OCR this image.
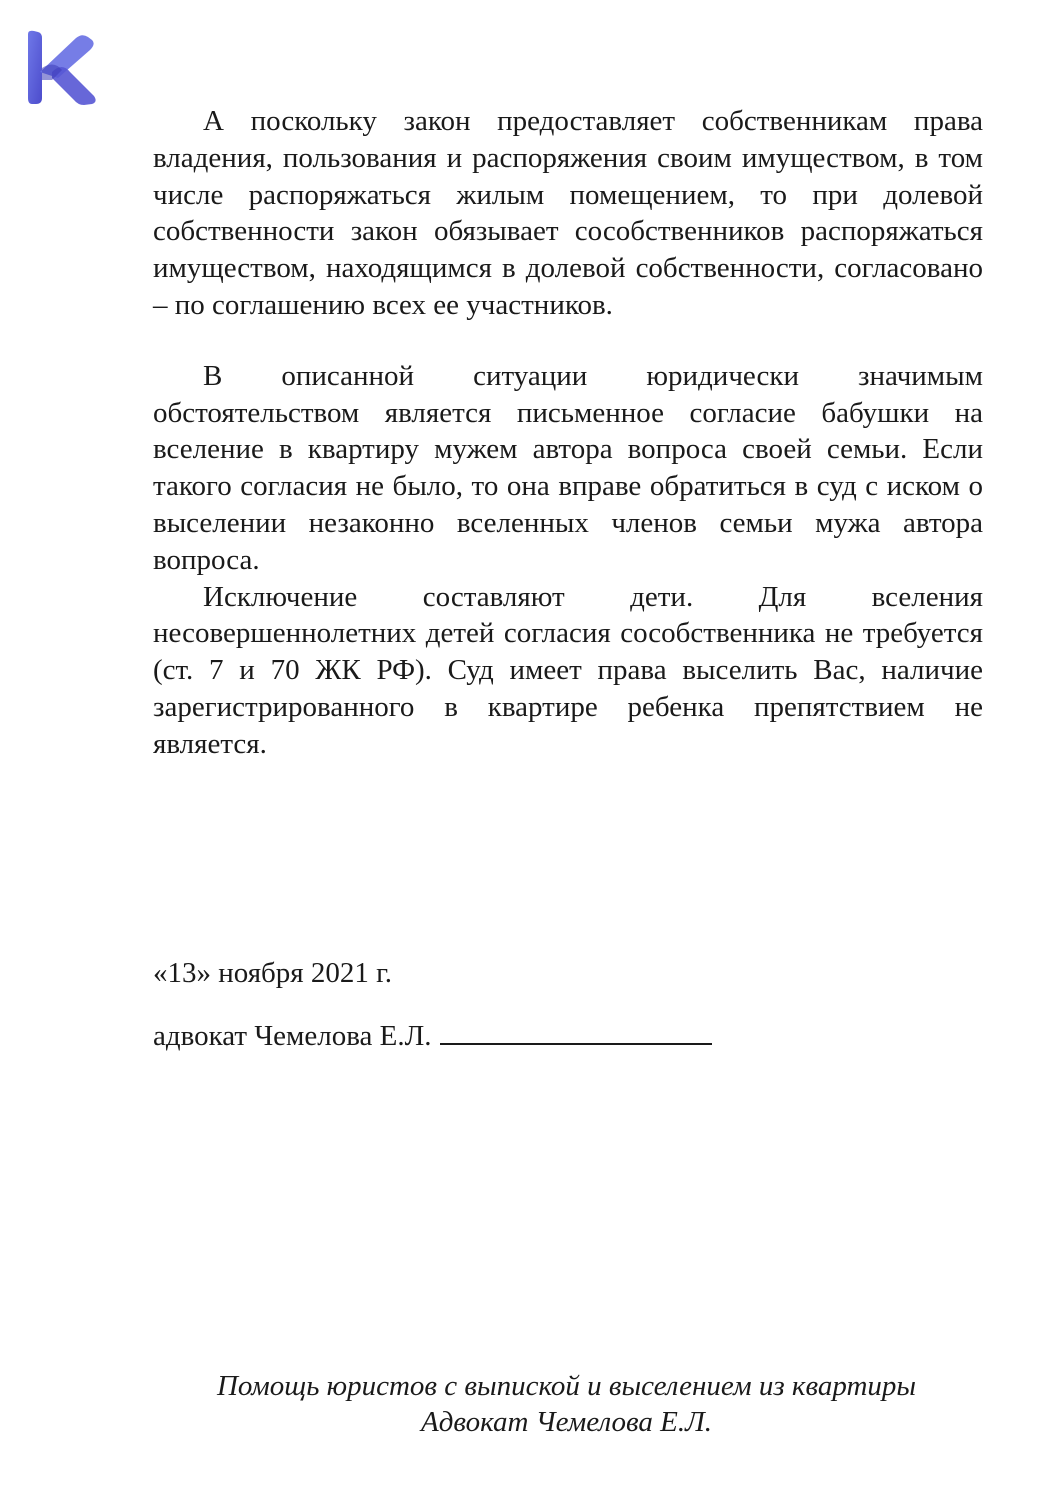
А поскольку закон предоставляет собственникам права владения, пользования и распоряжения своим имуществом, в том числе распоряжаться жилым помещением, то при долевой собственности закон обязывает сособственников распоряжаться имуществом, находящимся в долевой собственности, согласовано – по соглашению всех ее участников.

В описанной ситуации юридически значимым обстоятельством является письменное согласие бабушки на вселение в квартиру мужем автора вопроса своей семьи. Если такого согласия не было, то она вправе обратиться в суд с иском о выселении незаконно вселенных членов семьи мужа автора вопроса.

Исключение составляют дети. Для вселения несовершеннолетних детей согласия сособственника не требуется (ст. 7 и 70 ЖК РФ). Суд имеет права выселить Вас, наличие зарегистрированного в квартире ребенка препятствием не является.

«13» ноября 2021 г.

адвокат Чемелова Е.Л.

Помощь юристов с выпиской и выселением из квартиры

Адвокат Чемелова Е.Л.
